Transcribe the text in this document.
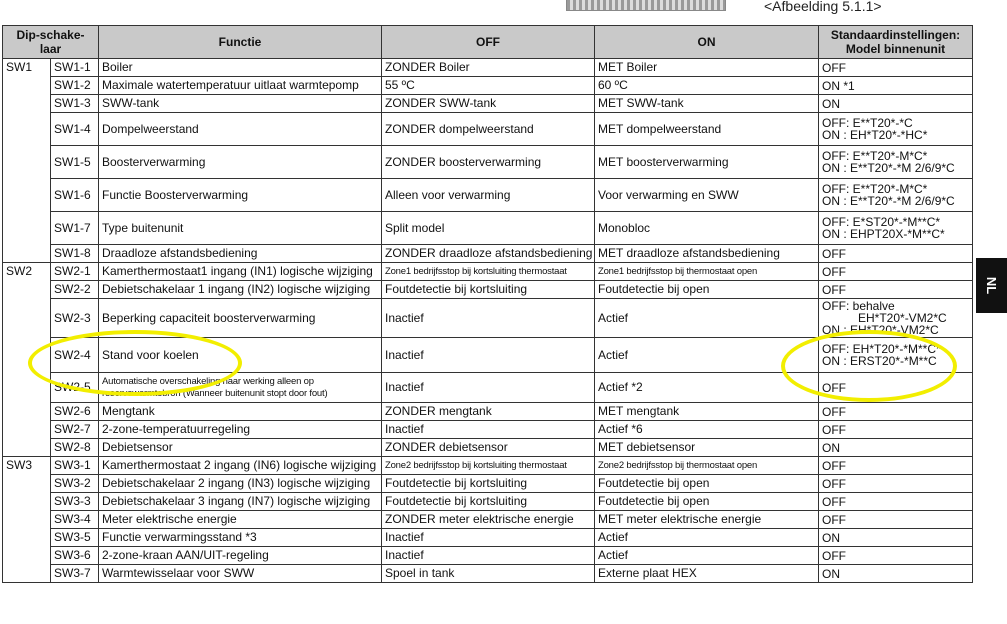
<Afbeelding 5.1.1>
Dip-schake-laar		Functie	OFF	ON	Standaardinstellingen: Model binnenunit
SW1	SW1-1	Boiler	ZONDER Boiler	MET Boiler	OFF

	SW1-2	Maximale watertemperatuur uitlaat warmtepomp	55 ºC	60 ºC	ON *1

	SW1-3	SWW-tank	ZONDER SWW-tank	MET SWW-tank	ON

	SW1-4	Dompelweerstand	ZONDER dompelweerstand	MET dompelweerstand	OFF: E**T20*-*C
ON : EH*T20*-*HC*

	SW1-5	Boosterverwarming	ZONDER boosterverwarming	MET boosterverwarming	OFF: E**T20*-M*C*
ON : E**T20*-*M 2/6/9*C

	SW1-6	Functie Boosterverwarming	Alleen voor verwarming	Voor verwarming en SWW	OFF: E**T20*-M*C*
ON : E**T20*-*M 2/6/9*C

	SW1-7	Type buitenunit	Split model	Monobloc	OFF: E*ST20*-*M**C*
ON : EHPT20X-*M**C*

	SW1-8	Draadloze afstandsbediening	ZONDER draadloze afstandsbediening	MET draadloze afstandsbediening	OFF

SW2	SW2-1	Kamerthermostaat1 ingang (IN1) logische wijziging	Zone1 bedrijfsstop bij kortsluiting thermostaat	Zone1 bedrijfsstop bij thermostaat open	OFF

	SW2-2	Debietschakelaar 1 ingang (IN2) logische wijziging	Foutdetectie bij kortsluiting	Foutdetectie bij open	OFF

	SW2-3	Beperking capaciteit boosterverwarming	Inactief	Actief	OFF: behalve
EH*T20*-VM2*C
ON : EH*T20*-VM2*C

	SW2-4	Stand voor koelen	Inactief	Actief	OFF: EH*T20*-*M**C*
ON : ERST20*-*M**C

	SW2-5	Automatische overschakeling naar werking alleen op
reservewarmtebron (Wanneer buitenunit stopt door fout)	Inactief	Actief *2	OFF

	SW2-6	Mengtank	ZONDER mengtank	MET mengtank	OFF

	SW2-7	2-zone-temperatuurregeling	Inactief	Actief *6	OFF

	SW2-8	Debietsensor	ZONDER debietsensor	MET debietsensor	ON

SW3	SW3-1	Kamerthermostaat 2 ingang (IN6) logische wijziging	Zone2 bedrijfsstop bij kortsluiting thermostaat	Zone2 bedrijfsstop bij thermostaat open	OFF

	SW3-2	Debietschakelaar 2 ingang (IN3) logische wijziging	Foutdetectie bij kortsluiting	Foutdetectie bij open	OFF

	SW3-3	Debietschakelaar 3 ingang (IN7) logische wijziging	Foutdetectie bij kortsluiting	Foutdetectie bij open	OFF

	SW3-4	Meter elektrische energie	ZONDER meter elektrische energie	MET meter elektrische energie	OFF

	SW3-5	Functie verwarmingsstand *3	Inactief	Actief	ON

	SW3-6	2-zone-kraan AAN/UIT-regeling	Inactief	Actief	OFF

	SW3-7	Warmtewisselaar voor SWW	Spoel in tank	Externe plaat HEX	ON
NL
